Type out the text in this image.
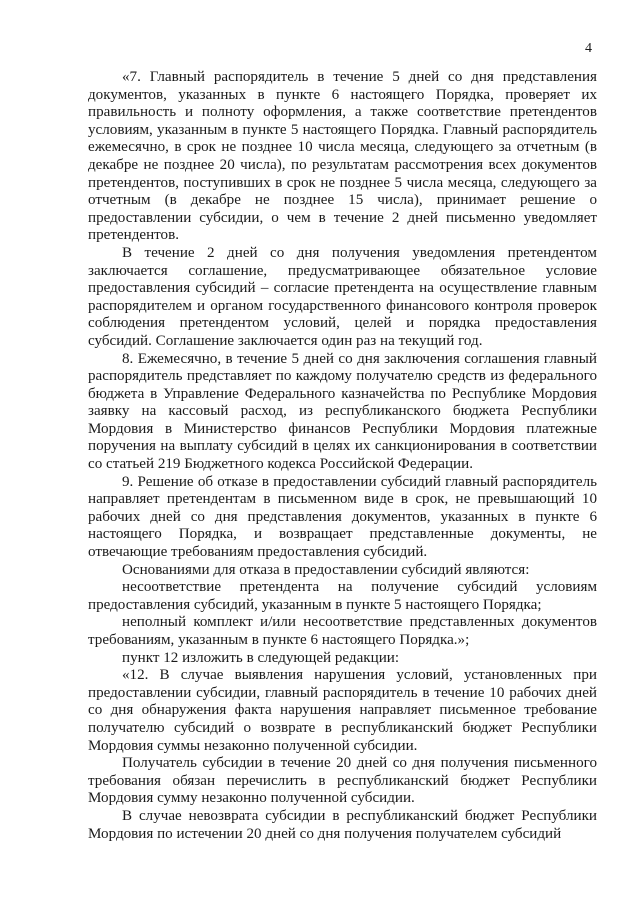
4

«7. Главный распорядитель в течение 5 дней со дня представления документов, указанных в пункте 6 настоящего Порядка, проверяет их правильность и полноту оформления, а также соответствие претендентов условиям, указанным в пункте 5 настоящего Порядка. Главный распорядитель ежемесячно, в срок не позднее 10 числа месяца, следующего за отчетным (в декабре не позднее 20 числа), по результатам рассмотрения всех документов претендентов, поступивших в срок не позднее 5 числа месяца, следующего за отчетным (в декабре не позднее 15 числа), принимает решение о предоставлении субсидии, о чем в течение 2 дней письменно уведомляет претендентов.

В течение 2 дней со дня получения уведомления претендентом заключается соглашение, предусматривающее обязательное условие предоставления субсидий – согласие претендента на осуществление главным распорядителем и органом государственного финансового контроля проверок соблюдения претендентом условий, целей и порядка предоставления субсидий. Соглашение заключается один раз на текущий год.

8. Ежемесячно, в течение 5 дней со дня заключения соглашения главный распорядитель представляет по каждому получателю средств из федерального бюджета в Управление Федерального казначейства по Республике Мордовия заявку на кассовый расход, из республиканского бюджета Республики Мордовия в Министерство финансов Республики Мордовия платежные поручения на выплату субсидий в целях их санкционирования в соответствии со статьей 219 Бюджетного кодекса Российской Федерации.

9. Решение об отказе в предоставлении субсидий главный распорядитель направляет претендентам в письменном виде в срок, не превышающий 10 рабочих дней со дня представления документов, указанных в пункте 6 настоящего Порядка, и возвращает представленные документы, не отвечающие требованиям предоставления субсидий.

Основаниями для отказа в предоставлении субсидий являются:

несоответствие претендента на получение субсидий условиям предоставления субсидий, указанным в пункте 5 настоящего Порядка;

неполный комплект и/или несоответствие представленных документов требованиям, указанным в пункте 6 настоящего Порядка.»;

пункт 12 изложить в следующей редакции:

«12. В случае выявления нарушения условий, установленных при предоставлении субсидии, главный распорядитель в течение 10 рабочих дней со дня обнаружения факта нарушения направляет письменное требование получателю субсидий о возврате в республиканский бюджет Республики Мордовия суммы незаконно полученной субсидии.

Получатель субсидии в течение 20 дней со дня получения письменного требования обязан перечислить в республиканский бюджет Республики Мордовия сумму незаконно полученной субсидии.

В случае невозврата субсидии в республиканский бюджет Республики Мордовия по истечении 20 дней со дня получения получателем субсидий
